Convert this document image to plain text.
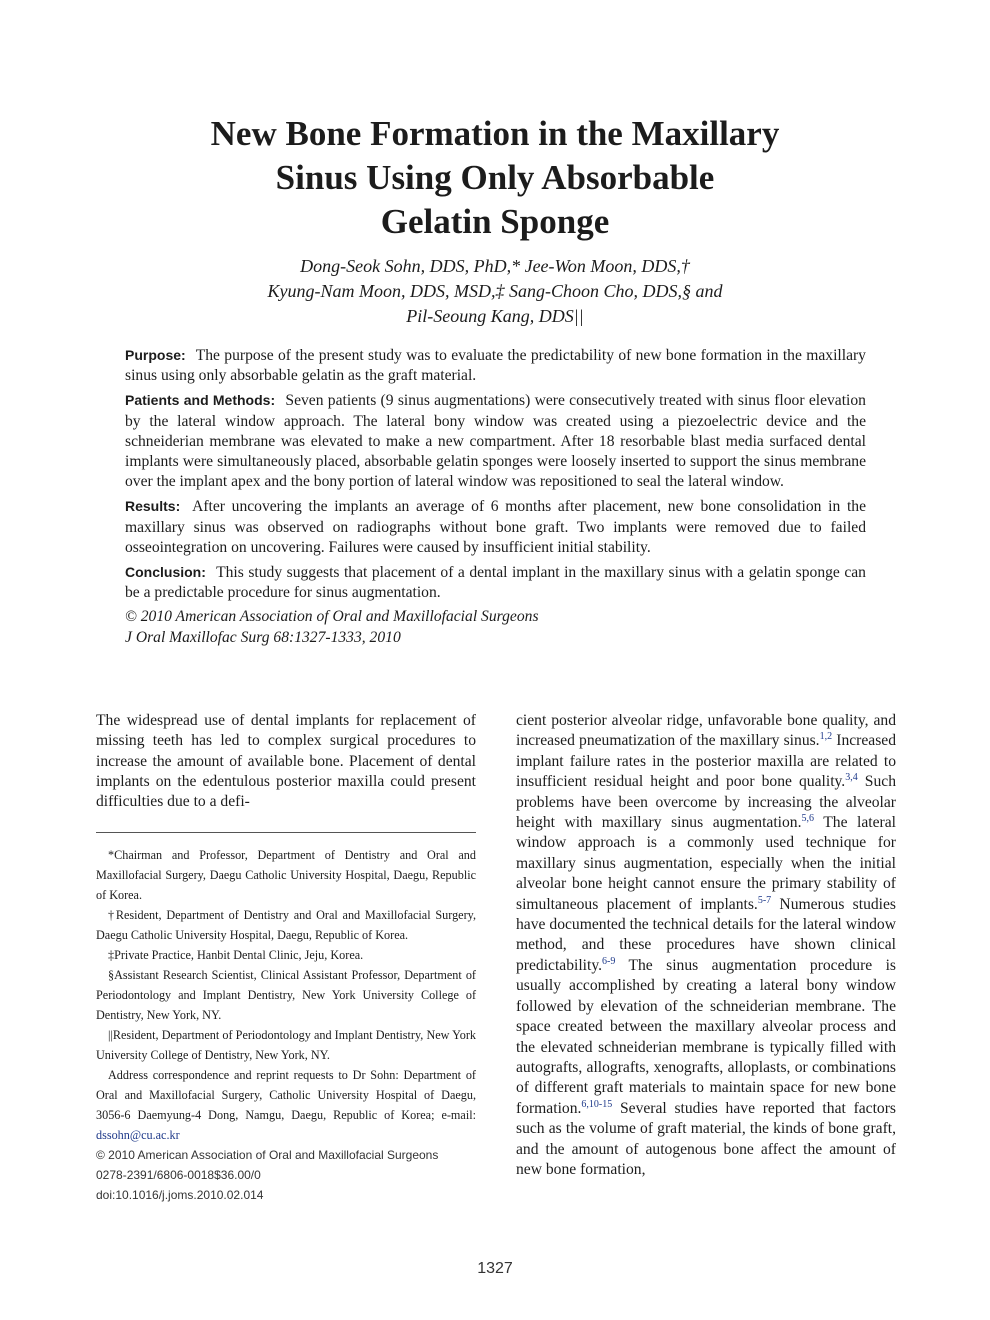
New Bone Formation in the Maxillary
Sinus Using Only Absorbable
Gelatin Sponge
Dong-Seok Sohn, DDS, PhD,* Jee-Won Moon, DDS,†
Kyung-Nam Moon, DDS, MSD,‡ Sang-Choon Cho, DDS,§ and
Pil-Seoung Kang, DDS||

Purpose: The purpose of the present study was to evaluate the predictability of new bone formation in the maxillary sinus using only absorbable gelatin as the graft material.

Patients and Methods: Seven patients (9 sinus augmentations) were consecutively treated with sinus floor elevation by the lateral window approach. The lateral bony window was created using a piezoelectric device and the schneiderian membrane was elevated to make a new compartment. After 18 resorbable blast media surfaced dental implants were simultaneously placed, absorbable gelatin sponges were loosely inserted to support the sinus membrane over the implant apex and the bony portion of lateral window was repositioned to seal the lateral window.

Results: After uncovering the implants an average of 6 months after placement, new bone consolidation in the maxillary sinus was observed on radiographs without bone graft. Two implants were removed due to failed osseointegration on uncovering. Failures were caused by insufficient initial stability.

Conclusion: This study suggests that placement of a dental implant in the maxillary sinus with a gelatin sponge can be a predictable procedure for sinus augmentation.

© 2010 American Association of Oral and Maxillofacial Surgeons

J Oral Maxillofac Surg 68:1327-1333, 2010

The widespread use of dental implants for replacement of missing teeth has led to complex surgical procedures to increase the amount of available bone. Placement of dental implants on the edentulous posterior maxilla could present difficulties due to a defi-

*Chairman and Professor, Department of Dentistry and Oral and Maxillofacial Surgery, Daegu Catholic University Hospital, Daegu, Republic of Korea.

†Resident, Department of Dentistry and Oral and Maxillofacial Surgery, Daegu Catholic University Hospital, Daegu, Republic of Korea.

‡Private Practice, Hanbit Dental Clinic, Jeju, Korea.

§Assistant Research Scientist, Clinical Assistant Professor, Department of Periodontology and Implant Dentistry, New York University College of Dentistry, New York, NY.

||Resident, Department of Periodontology and Implant Dentistry, New York University College of Dentistry, New York, NY.

Address correspondence and reprint requests to Dr Sohn: Department of Oral and Maxillofacial Surgery, Catholic University Hospital of Daegu, 3056-6 Daemyung-4 Dong, Namgu, Daegu, Republic of Korea; e-mail: dssohn@cu.ac.kr

© 2010 American Association of Oral and Maxillofacial Surgeons

0278-2391/6806-0018$36.00/0

doi:10.1016/j.joms.2010.02.014

cient posterior alveolar ridge, unfavorable bone quality, and increased pneumatization of the maxillary sinus.$^{1,2}$ Increased implant failure rates in the posterior maxilla are related to insufficient residual height and poor bone quality.$^{3,4}$ Such problems have been overcome by increasing the alveolar height with maxillary sinus augmentation.$^{5,6}$ The lateral window approach is a commonly used technique for maxillary sinus augmentation, especially when the initial alveolar bone height cannot ensure the primary stability of simultaneous placement of implants.$^{5-7}$ Numerous studies have documented the technical details for the lateral window method, and these procedures have shown clinical predictability.$^{6-9}$ The sinus augmentation procedure is usually accomplished by creating a lateral bony window followed by elevation of the schneiderian membrane. The space created between the maxillary alveolar process and the elevated schneiderian membrane is typically filled with autografts, allografts, xenografts, alloplasts, or combinations of different graft materials to maintain space for new bone formation.$^{6,10-15}$ Several studies have reported that factors such as the volume of graft material, the kinds of bone graft, and the amount of autogenous bone affect the amount of new bone formation,

1327
